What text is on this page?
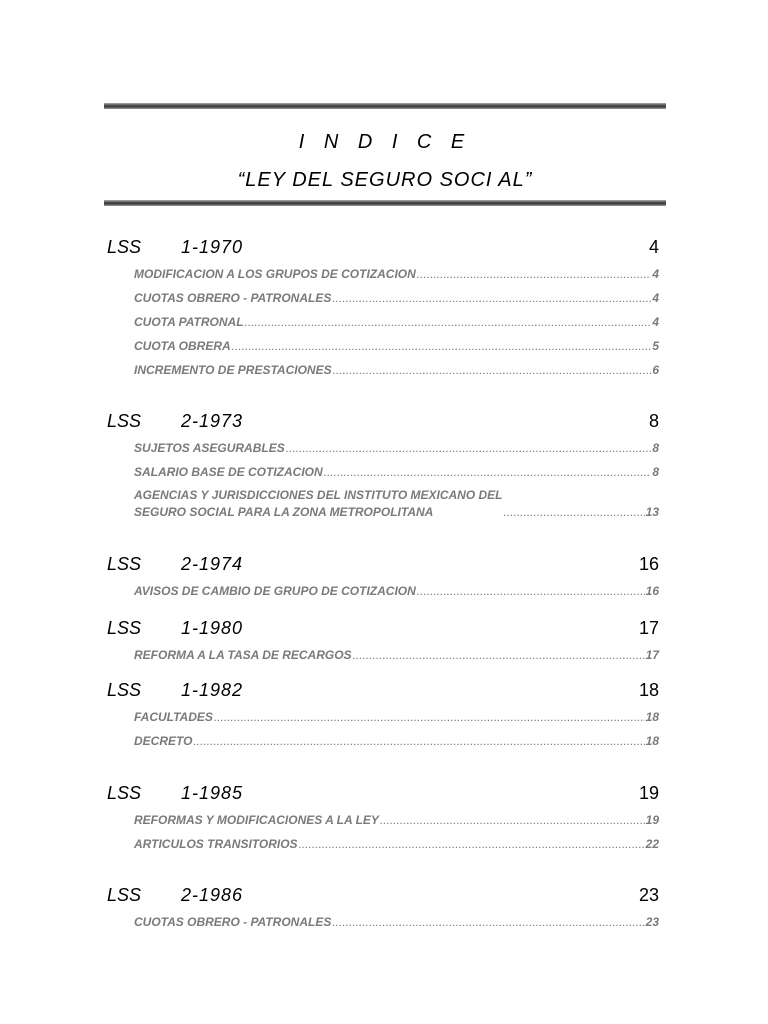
I N D I C E
“LEY DEL SEGURO SOCI AL”
LSS	1-1970	4
MODIFICACION A LOS GRUPOS DE COTIZACION .....	4
CUOTAS OBRERO - PATRONALES .....	4
CUOTA PATRONAL .....	4
CUOTA OBRERA .....	5
INCREMENTO DE PRESTACIONES .....	6
LSS	2-1973	8
SUJETOS ASEGURABLES .....	8
SALARIO BASE DE COTIZACION .....	8
AGENCIAS Y JURISDICCIONES DEL INSTITUTO MEXICANO DEL
SEGURO SOCIAL PARA LA ZONA METROPOLITANA .....	13
LSS	2-1974	16
AVISOS DE CAMBIO DE GRUPO DE COTIZACION .....	16
LSS	1-1980	17
REFORMA A LA TASA DE RECARGOS .....	17
LSS	1-1982	18
FACULTADES .....	18
DECRETO .....	18
LSS	1-1985	19
REFORMAS Y MODIFICACIONES A LA LEY .....	19
ARTICULOS TRANSITORIOS .....	22
LSS	2-1986	23
CUOTAS OBRERO - PATRONALES .....	23
